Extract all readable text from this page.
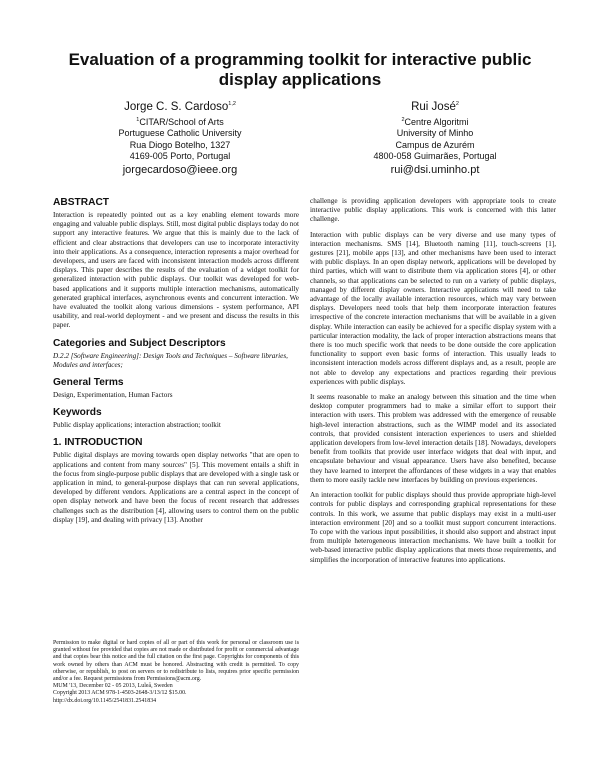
Evaluation of a programming toolkit for interactive public display applications
Jorge C. S. Cardoso$^{1,2}$
$^1$CITAR/School of Arts
Portuguese Catholic University
Rua Diogo Botelho, 1327
4169-005 Porto, Portugal
jorgecardoso@ieee.org
Rui José$^2$
$^2$Centre Algoritmi
University of Minho
Campus de Azurém
4800-058 Guimarães, Portugal
rui@dsi.uminho.pt
ABSTRACT

Interaction is repeatedly pointed out as a key enabling element towards more engaging and valuable public displays. Still, most digital public displays today do not support any interactive features. We argue that this is mainly due to the lack of efficient and clear abstractions that developers can use to incorporate interactivity into their applications. As a consequence, interaction represents a major overhead for developers, and users are faced with inconsistent interaction models across different displays. This paper describes the results of the evaluation of a widget toolkit for generalized interaction with public displays. Our toolkit was developed for web-based applications and it supports multiple interaction mechanisms, automatically generated graphical interfaces, asynchronous events and concurrent interaction. We have evaluated the toolkit along various dimensions - system performance, API usability, and real-world deployment - and we present and discuss the results in this paper.

Categories and Subject Descriptors

D.2.2 [Software Engineering]: Design Tools and Techniques – Software libraries, Modules and interfaces;

General Terms

Design, Experimentation, Human Factors

Keywords

Public display applications; interaction abstraction; toolkit

1. INTRODUCTION

Public digital displays are moving towards open display networks "that are open to applications and content from many sources" [5]. This movement entails a shift in the focus from single-purpose public displays that are developed with a single task or application in mind, to general-purpose displays that can run several applications, developed by different vendors. Applications are a central aspect in the concept of open display network and have been the focus of recent research that addresses challenges such as the distribution [4], allowing users to control them on the public display [19], and dealing with privacy [13]. Another

Permission to make digital or hard copies of all or part of this work for personal or classroom use is granted without fee provided that copies are not made or distributed for profit or commercial advantage and that copies bear this notice and the full citation on the first page. Copyrights for components of this work owned by others than ACM must be honored. Abstracting with credit is permitted. To copy otherwise, or republish, to post on servers or to redistribute to lists, requires prior specific permission and/or a fee. Request permissions from Permissions@acm.org.

MUM '13, December 02 - 05 2013, Luleå, Sweden

Copyright 2013 ACM 978-1-4503-2648-3/13/12 $15.00.

http://dx.doi.org/10.1145/2541831.2541834

challenge is providing application developers with appropriate tools to create interactive public display applications. This work is concerned with this latter challenge.

Interaction with public displays can be very diverse and use many types of interaction mechanisms. SMS [14], Bluetooth naming [11], touch-screens [1], gestures [21], mobile apps [13], and other mechanisms have been used to interact with public displays. In an open display network, applications will be developed by third parties, which will want to distribute them via application stores [4], or other channels, so that applications can be selected to run on a variety of public displays, managed by different display owners. Interactive applications will need to take advantage of the locally available interaction resources, which may vary between displays. Developers need tools that help them incorporate interaction features irrespective of the concrete interaction mechanisms that will be available in a given display. While interaction can easily be achieved for a specific display system with a particular interaction modality, the lack of proper interaction abstractions means that there is too much specific work that needs to be done outside the core application functionality to support even basic forms of interaction. This usually leads to inconsistent interaction models across different displays and, as a result, people are not able to develop any expectations and practices regarding their previous experiences with public displays.

It seems reasonable to make an analogy between this situation and the time when desktop computer programmers had to make a similar effort to support their interaction with users. This problem was addressed with the emergence of reusable high-level interaction abstractions, such as the WIMP model and its associated controls, that provided consistent interaction experiences to users and shielded application developers from low-level interaction details [18]. Nowadays, developers benefit from toolkits that provide user interface widgets that deal with input, and encapsulate behaviour and visual appearance. Users have also benefited, because they have learned to interpret the affordances of these widgets in a way that enables them to more easily tackle new interfaces by building on previous experiences.

An interaction toolkit for public displays should thus provide appropriate high-level controls for public displays and corresponding graphical representations for these controls. In this work, we assume that public displays may exist in a multi-user interaction environment [20] and so a toolkit must support concurrent interactions. To cope with the various input possibilities, it should also support and abstract input from multiple heterogeneous interaction mechanisms. We have built a toolkit for web-based interactive public display applications that meets those requirements, and simplifies the incorporation of interactive features into applications.
